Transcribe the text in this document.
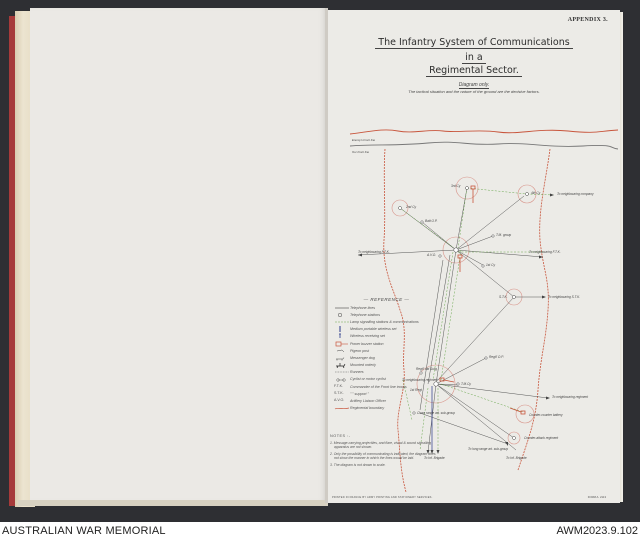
APPENDIX 3.
The Infantry System of Communications
in a
Regimental Sector.
Diagram only.
The tactical situation and the nature of the ground are the decisive factors.
Enemy's Front line
Our Front line
3rd Cy
4th Cy
2nd Cy
Batt O.P.
T.M. group
To neighbouring F.T.K.	To neighbouring F.T.K.
A.V.O.
1st Cy
S.T.K.	To neighbouring S.T.K.
To neighbouring company
Regt'l O.P.
Regt'l aid Surg.
T.M.Cy
To neighbouring regiment
To neighbouring regiment
1st Regt
Counter-counter battery
Close range art. sub-group
To long range art. sub-group
To Inf. Brigade	To Inf. Brigade
Counter-attack regiment
— REFERENCE —
Telephone lines
Telephone stations
Lamp signalling stations & communications
Medium portable wireless set
Wireless receiving set
Power buzzer station
Pigeon post
Messenger dog
Mounted orderly
Runners
Cyclist or motor cyclist
F.T.K.	Commander of the Front line troops
S.T.K.	" " support "
A.V.O.	Artillery Liaison Officer
Regimental boundary
NOTES :-
1. Message-carrying projectiles, and flare, visual & sound signalling apparatus are not shown.
2. Only the possibility of communicating is indicated, the diagram does not show the manner in which the lines would be laid.
3. The diagram is not drawn to scale.
PRINTED IN FRANCE BY ARMY PRINTING AND STATIONERY SERVICES.	FORM A. 2113
AUSTRALIAN WAR MEMORIAL	AWM2023.9.102
